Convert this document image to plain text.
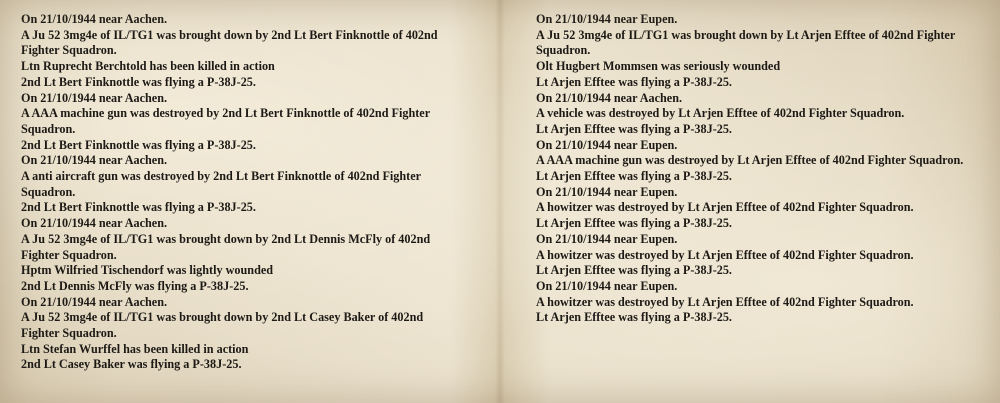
On 21/10/1944 near Aachen.

A Ju 52 3mg4e of IL/TG1 was brought down by 2nd Lt Bert Finknottle of 402nd

Fighter Squadron.

Ltn Ruprecht Berchtold has been killed in action

2nd Lt Bert Finknottle was flying a P-38J-25.

On 21/10/1944 near Aachen.

A AAA machine gun was destroyed by 2nd Lt Bert Finknottle of 402nd Fighter

Squadron.

2nd Lt Bert Finknottle was flying a P-38J-25.

On 21/10/1944 near Aachen.

A anti aircraft gun was destroyed by 2nd Lt Bert Finknottle of 402nd Fighter

Squadron.

2nd Lt Bert Finknottle was flying a P-38J-25.

On 21/10/1944 near Aachen.

A Ju 52 3mg4e of IL/TG1 was brought down by 2nd Lt Dennis McFly of 402nd

Fighter Squadron.

Hptm Wilfried Tischendorf was lightly wounded

2nd Lt Dennis McFly was flying a P-38J-25.

On 21/10/1944 near Aachen.

A Ju 52 3mg4e of IL/TG1 was brought down by 2nd Lt Casey Baker of 402nd

Fighter Squadron.

Ltn Stefan Wurffel has been killed in action

2nd Lt Casey Baker was flying a P-38J-25.

On 21/10/1944 near Eupen.

A Ju 52 3mg4e of IL/TG1 was brought down by Lt Arjen Efftee of 402nd Fighter

Squadron.

Olt Hugbert Mommsen was seriously wounded

Lt Arjen Efftee was flying a P-38J-25.

On 21/10/1944 near Aachen.

A vehicle was destroyed by Lt Arjen Efftee of 402nd Fighter Squadron.

Lt Arjen Efftee was flying a P-38J-25.

On 21/10/1944 near Eupen.

A AAA machine gun was destroyed by Lt Arjen Efftee of 402nd Fighter Squadron.

Lt Arjen Efftee was flying a P-38J-25.

On 21/10/1944 near Eupen.

A howitzer was destroyed by Lt Arjen Efftee of 402nd Fighter Squadron.

Lt Arjen Efftee was flying a P-38J-25.

On 21/10/1944 near Eupen.

A howitzer was destroyed by Lt Arjen Efftee of 402nd Fighter Squadron.

Lt Arjen Efftee was flying a P-38J-25.

On 21/10/1944 near Eupen.

A howitzer was destroyed by Lt Arjen Efftee of 402nd Fighter Squadron.

Lt Arjen Efftee was flying a P-38J-25.
